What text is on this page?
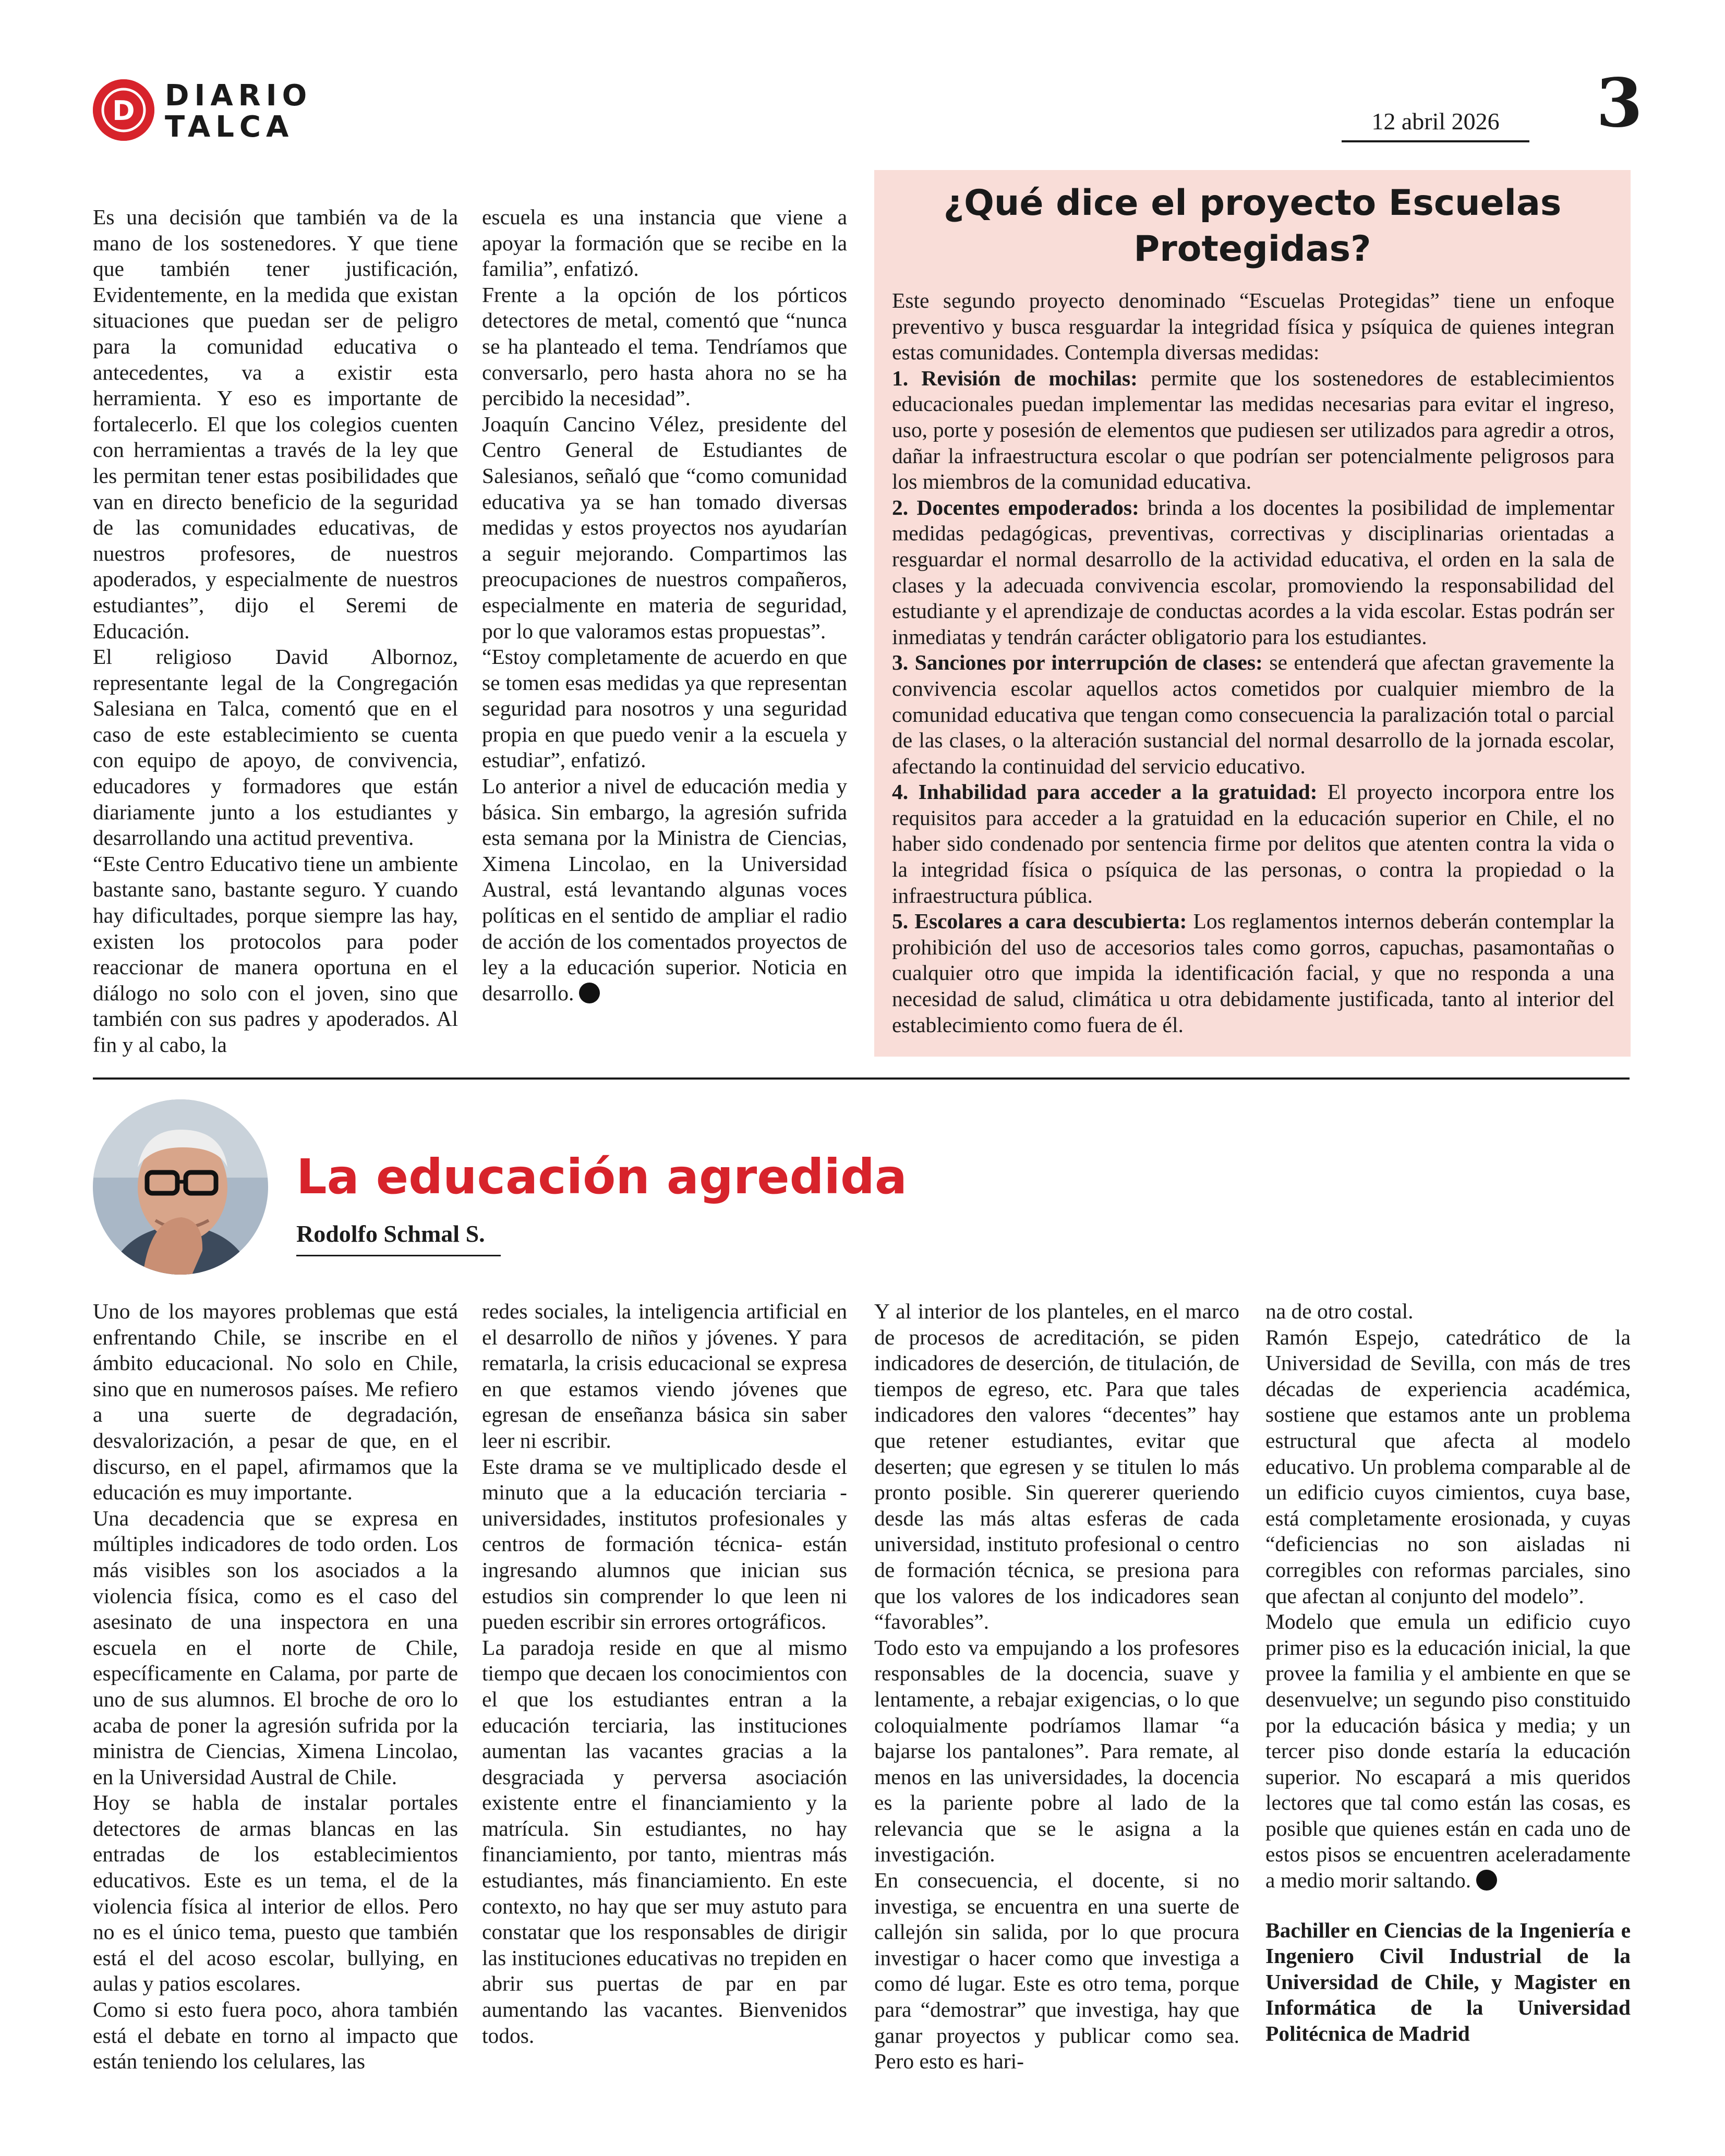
D DIARIO
TALCA	12 abril 2026	3

Es una decisión que también va de la mano de los sostenedores. Y que tiene que también tener justificación, Evidentemente, en la medida que existan situaciones que puedan ser de peligro para la comunidad educativa o antecedentes, va a existir esta herramienta. Y eso es importante de fortalecerlo. El que los colegios cuenten con herramientas a través de la ley que les permitan tener estas posibilidades que van en directo beneficio de la seguridad de las comunidades educativas, de nuestros profesores, de nuestros apoderados, y especialmente de nuestros estudiantes”, dijo el Seremi de Educación.

El religioso David Albornoz, representante legal de la Congregación Salesiana en Talca, comentó que en el caso de este establecimiento se cuenta con equipo de apoyo, de convivencia, educadores y formadores que están diariamente junto a los estudiantes y desarrollando una actitud preventiva.

“Este Centro Educativo tiene un ambiente bastante sano, bastante seguro. Y cuando hay dificultades, porque siempre las hay, existen los protocolos para poder reaccionar de manera oportuna en el diálogo no solo con el joven, sino que también con sus padres y apoderados. Al fin y al cabo, la

escuela es una instancia que viene a apoyar la formación que se recibe en la familia”, enfatizó.

Frente a la opción de los pórticos detectores de metal, comentó que “nunca se ha planteado el tema. Tendríamos que conversarlo, pero hasta ahora no se ha percibido la necesidad”.

Joaquín Cancino Vélez, presidente del Centro General de Estudiantes de Salesianos, señaló que “como comunidad educativa ya se han tomado diversas medidas y estos proyectos nos ayudarían a seguir mejorando. Compartimos las preocupaciones de nuestros compañeros, especialmente en materia de seguridad, por lo que valoramos estas propuestas”.

“Estoy completamente de acuerdo en que se tomen esas medidas ya que representan seguridad para nosotros y una seguridad propia en que puedo venir a la escuela y estudiar”, enfatizó.

Lo anterior a nivel de educación media y básica. Sin embargo, la agresión sufrida esta semana por la Ministra de Ciencias, Ximena Lincolao, en la Universidad Austral, está levantando algunas voces políticas en el sentido de ampliar el radio de acción de los comentados proyectos de ley a la educación superior. Noticia en desarrollo.

¿Qué dice el proyecto Escuelas Protegidas?

Este segundo proyecto denominado “Escuelas Protegidas” tiene un enfoque preventivo y busca resguardar la integridad física y psíquica de quienes integran estas comunidades. Contempla diversas medidas:

1. Revisión de mochilas: permite que los sostenedores de establecimientos educacionales puedan implementar las medidas necesarias para evitar el ingreso, uso, porte y posesión de elementos que pudiesen ser utilizados para agredir a otros, dañar la infraestructura escolar o que podrían ser potencialmente peligrosos para los miembros de la comunidad educativa.

2. Docentes empoderados: brinda a los docentes la posibilidad de implementar medidas pedagógicas, preventivas, correctivas y disciplinarias orientadas a resguardar el normal desarrollo de la actividad educativa, el orden en la sala de clases y la adecuada convivencia escolar, promoviendo la responsabilidad del estudiante y el aprendizaje de conductas acordes a la vida escolar. Estas podrán ser inmediatas y tendrán carácter obligatorio para los estudiantes.

3. Sanciones por interrupción de clases: se entenderá que afectan gravemente la convivencia escolar aquellos actos cometidos por cualquier miembro de la comunidad educativa que tengan como consecuencia la paralización total o parcial de las clases, o la alteración sustancial del normal desarrollo de la jornada escolar, afectando la continuidad del servicio educativo.

4. Inhabilidad para acceder a la gratuidad: El proyecto incorpora entre los requisitos para acceder a la gratuidad en la educación superior en Chile, el no haber sido condenado por sentencia firme por delitos que atenten contra la vida o la integridad física o psíquica de las personas, o contra la propiedad o la infraestructura pública.

5. Escolares a cara descubierta: Los reglamentos internos deberán contemplar la prohibición del uso de accesorios tales como gorros, capuchas, pasamontañas o cualquier otro que impida la identificación facial, y que no responda a una necesidad de salud, climática u otra debidamente justificada, tanto al interior del establecimiento como fuera de él.

La educación agredida
Rodolfo Schmal S.

Uno de los mayores problemas que está enfrentando Chile, se inscribe en el ámbito educacional. No solo en Chile, sino que en numerosos países. Me refiero a una suerte de degradación, desvalorización, a pesar de que, en el discurso, en el papel, afirmamos que la educación es muy importante.

Una decadencia que se expresa en múltiples indicadores de todo orden. Los más visibles son los asociados a la violencia física, como es el caso del asesinato de una inspectora en una escuela en el norte de Chile, específicamente en Calama, por parte de uno de sus alumnos. El broche de oro lo acaba de poner la agresión sufrida por la ministra de Ciencias, Ximena Lincolao, en la Universidad Austral de Chile.

Hoy se habla de instalar portales detectores de armas blancas en las entradas de los establecimientos educativos. Este es un tema, el de la violencia física al interior de ellos. Pero no es el único tema, puesto que también está el del acoso escolar, bullying, en aulas y patios escolares.

Como si esto fuera poco, ahora también está el debate en torno al impacto que están teniendo los celulares, las

redes sociales, la inteligencia artificial en el desarrollo de niños y jóvenes. Y para rematarla, la crisis educacional se expresa en que estamos viendo jóvenes que egresan de enseñanza básica sin saber leer ni escribir.

Este drama se ve multiplicado desde el minuto que a la educación terciaria -universidades, institutos profesionales y centros de formación técnica- están ingresando alumnos que inician sus estudios sin comprender lo que leen ni pueden escribir sin errores ortográficos.

La paradoja reside en que al mismo tiempo que decaen los conocimientos con el que los estudiantes entran a la educación terciaria, las instituciones aumentan las vacantes gracias a la desgraciada y perversa asociación existente entre el financiamiento y la matrícula. Sin estudiantes, no hay financiamiento, por tanto, mientras más estudiantes, más financiamiento. En este contexto, no hay que ser muy astuto para constatar que los responsables de dirigir las instituciones educativas no trepiden en abrir sus puertas de par en par aumentando las vacantes. Bienvenidos todos.

Y al interior de los planteles, en el marco de procesos de acreditación, se piden indicadores de deserción, de titulación, de tiempos de egreso, etc. Para que tales indicadores den valores “decentes” hay que retener estudiantes, evitar que deserten; que egresen y se titulen lo más pronto posible. Sin quererer queriendo desde las más altas esferas de cada universidad, instituto profesional o centro de formación técnica, se presiona para que los valores de los indicadores sean “favorables”.

Todo esto va empujando a los profesores responsables de la docencia, suave y lentamente, a rebajar exigencias, o lo que coloquialmente podríamos llamar “a bajarse los pantalones”. Para remate, al menos en las universidades, la docencia es la pariente pobre al lado de la relevancia que se le asigna a la investigación.

En consecuencia, el docente, si no investiga, se encuentra en una suerte de callejón sin salida, por lo que procura investigar o hacer como que investiga a como dé lugar. Este es otro tema, porque para “demostrar” que investiga, hay que ganar proyectos y publicar como sea. Pero esto es hari-

na de otro costal.

Ramón Espejo, catedrático de la Universidad de Sevilla, con más de tres décadas de experiencia académica, sostiene que estamos ante un problema estructural que afecta al modelo educativo. Un problema comparable al de un edificio cuyos cimientos, cuya base, está completamente erosionada, y cuyas “deficiencias no son aisladas ni corregibles con reformas parciales, sino que afectan al conjunto del modelo”.

Modelo que emula un edificio cuyo primer piso es la educación inicial, la que provee la familia y el ambiente en que se desenvuelve; un segundo piso constituido por la educación básica y media; y un tercer piso donde estaría la educación superior. No escapará a mis queridos lectores que tal como están las cosas, es posible que quienes están en cada uno de estos pisos se encuentren aceleradamente a medio morir saltando.

Bachiller en Ciencias de la Ingeniería e Ingeniero Civil Industrial de la Universidad de Chile, y Magister en Informática de la Universidad Politécnica de Madrid
